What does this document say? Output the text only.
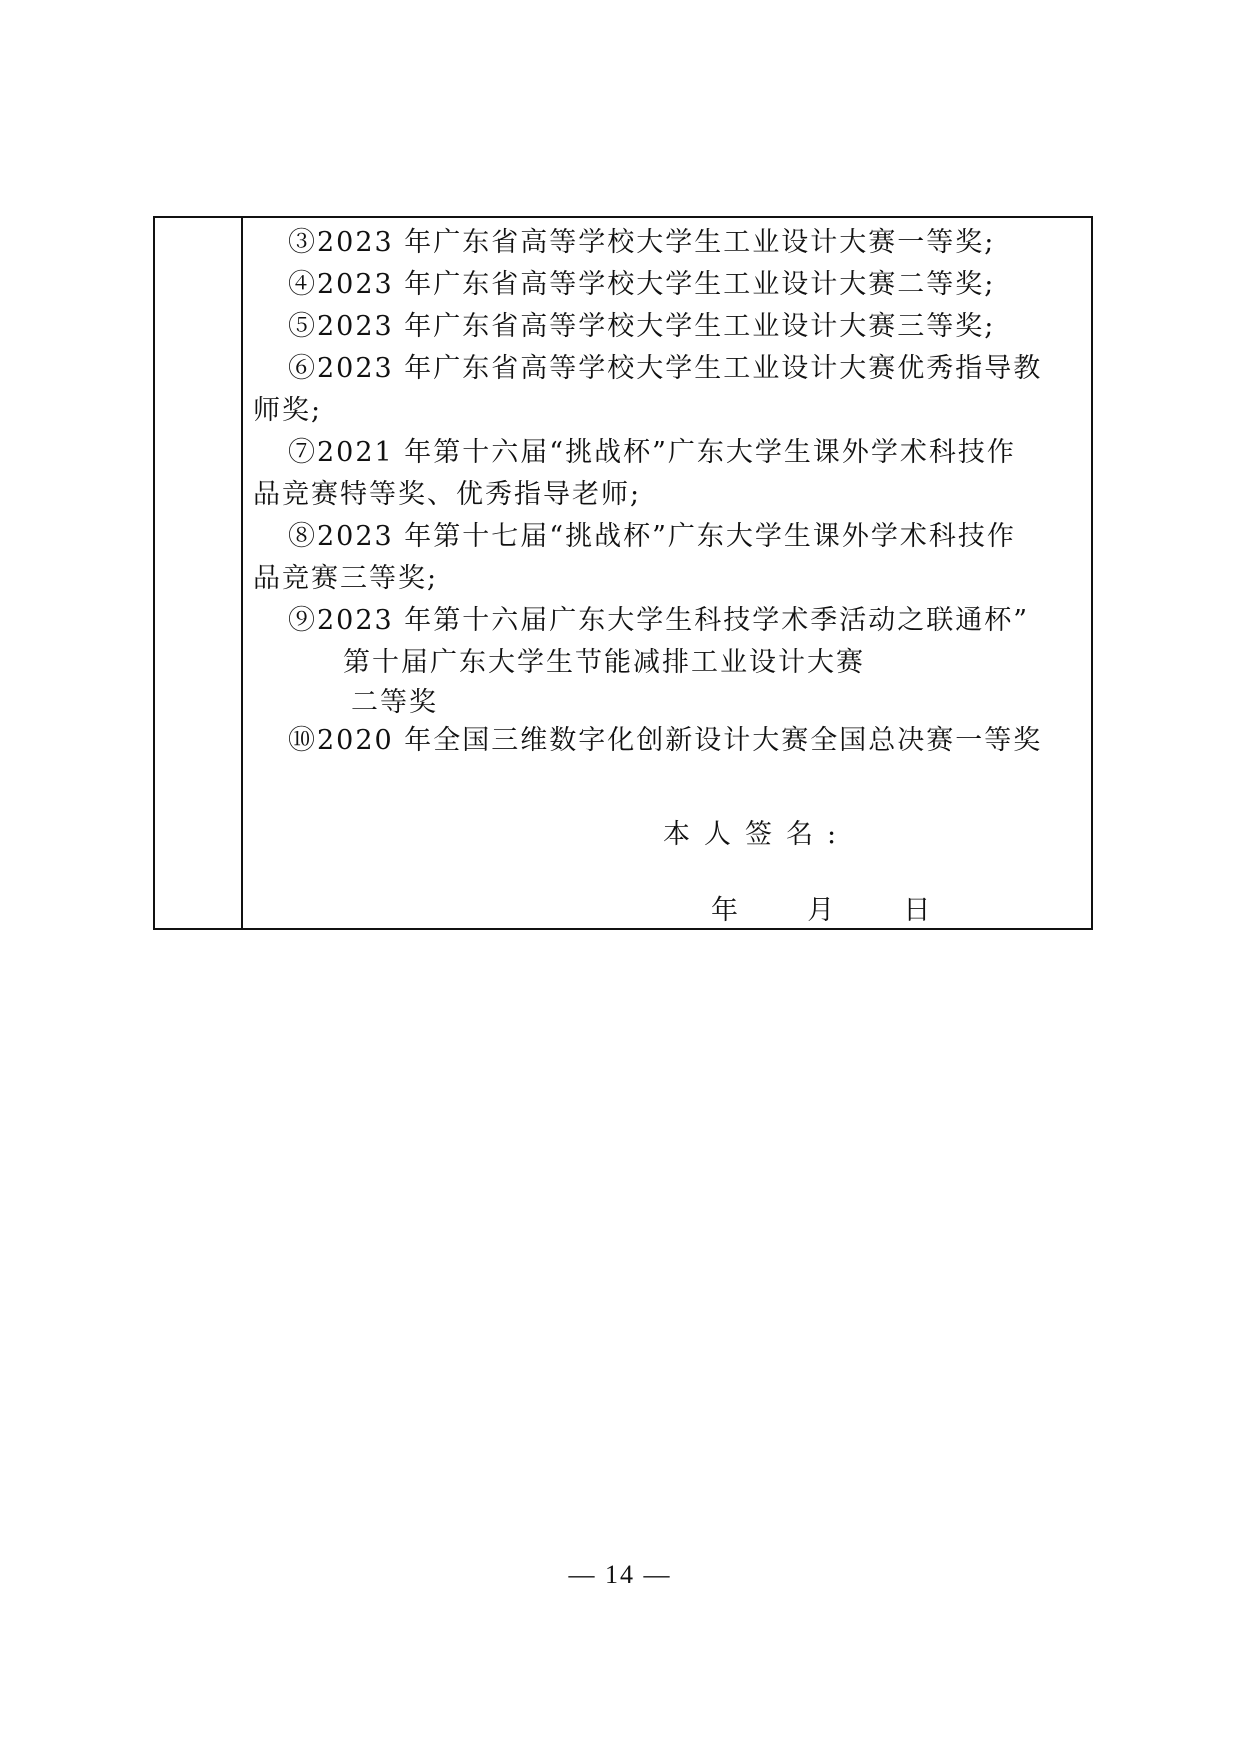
③2023 年广东省高等学校大学生工业设计大赛一等奖;
④2023 年广东省高等学校大学生工业设计大赛二等奖;
⑤2023 年广东省高等学校大学生工业设计大赛三等奖;
⑥2023 年广东省高等学校大学生工业设计大赛优秀指导教
师奖;
⑦2021 年第十六届“挑战杯”广东大学生课外学术科技作
品竞赛特等奖、优秀指导老师;
⑧2023 年第十七届“挑战杯”广东大学生课外学术科技作
品竞赛三等奖;
⑨2023 年第十六届广东大学生科技学术季活动之联通杯”
第十届广东大学生节能减排工业设计大赛
二等奖
⑩2020 年全国三维数字化创新设计大赛全国总决赛一等奖
本人签名:
年 月 日
— 14 —
